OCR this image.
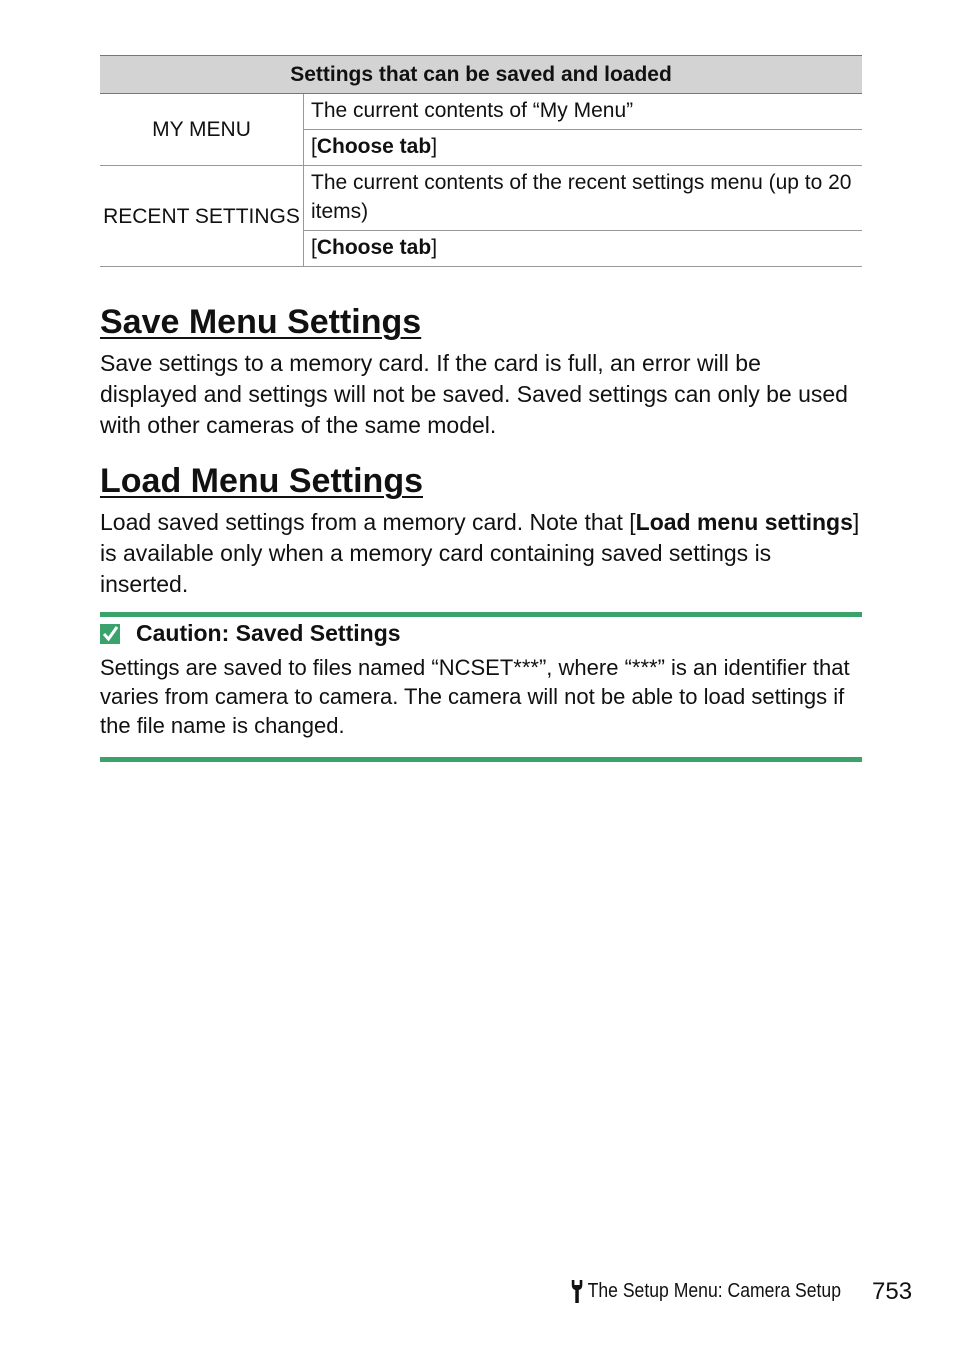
Settings that can be saved and loaded	
MY MENU	The current contents of “My Menu”
	[Choose tab]
RECENT SETTINGS	The current contents of the recent settings menu (up to 20 items)
	[Choose tab]
Save Menu Settings

Save settings to a memory card. If the card is full, an error will be displayed and settings will not be saved. Saved settings can only be used with other cameras of the same model.

Load Menu Settings

Load saved settings from a memory card. Note that [Load menu settings] is available only when a memory card containing saved settings is inserted.

Caution: Saved Settings

Settings are saved to files named “NCSET***”, where “***” is an identifier that varies from camera to camera. The camera will not be able to load settings if the file name is changed.

The Setup Menu: Camera Setup 753
